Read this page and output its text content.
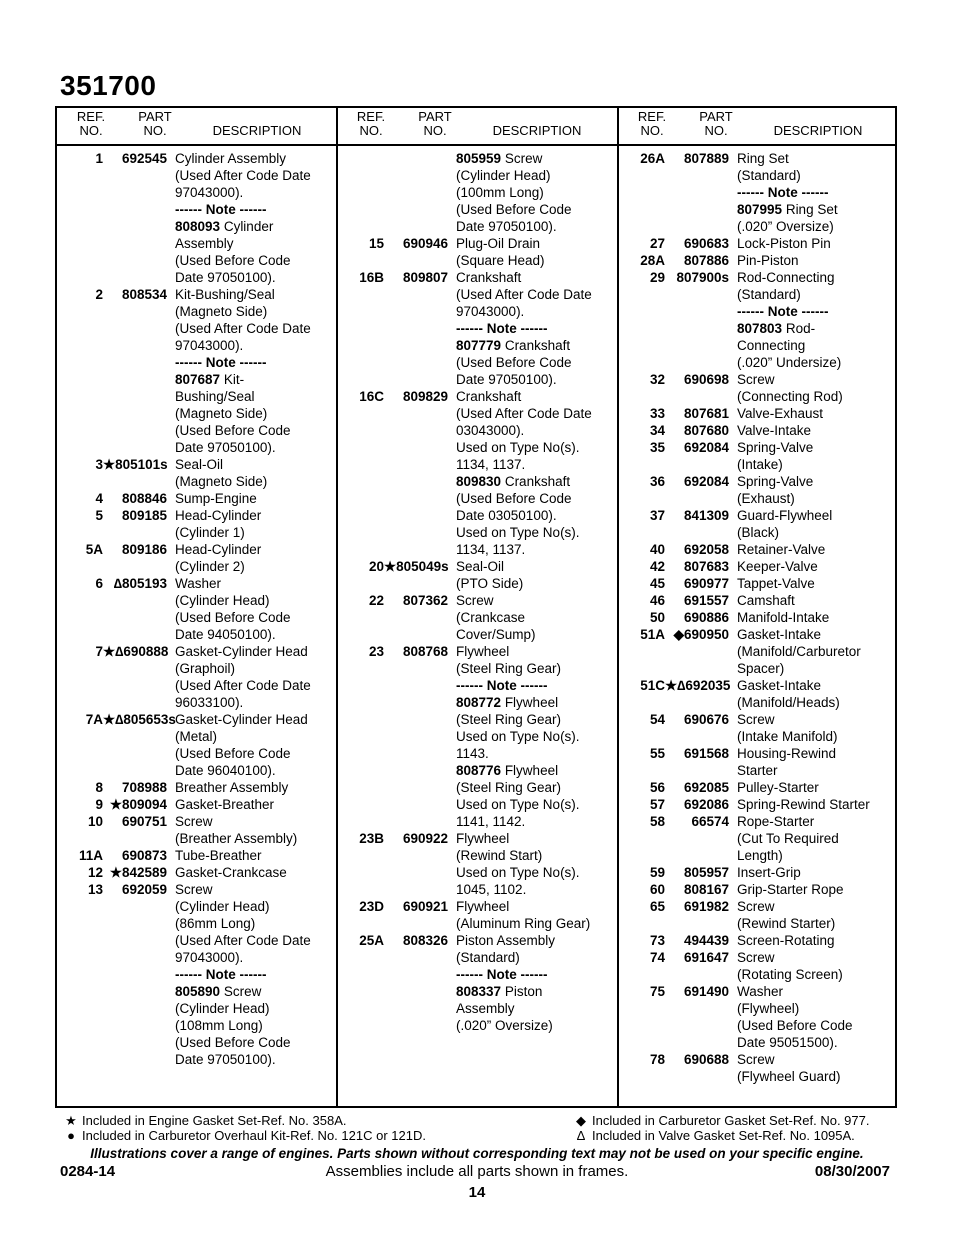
351700
REF.
NO.
PART
NO.	DESCRIPTION
REF.
NO.
PART
NO.	DESCRIPTION
REF.
NO.
PART
NO.	DESCRIPTION
1	692545 Cylinder Assembly
(Used After Code Date
97043000).
------ Note ------
808093 Cylinder
Assembly
(Used Before Code
Date 97050100).
2	808534 Kit-Bushing/Seal
(Magneto Side)
(Used After Code Date
97043000).
------ Note ------
807687 Kit-
Bushing/Seal
(Magneto Side)
(Used Before Code
Date 97050100).
3 ★805101s Seal-Oil
(Magneto Side)
4	808846 Sump-Engine
5	809185 Head-Cylinder
(Cylinder 1)
5A	809186 Head-Cylinder
(Cylinder 2)
6 ∆805193 Washer
(Cylinder Head)
(Used Before Code
Date 94050100).
7 ★∆690888 Gasket-Cylinder Head
(Graphoil)
(Used After Code Date
96033100).
7A ★∆805653s Gasket-Cylinder Head
(Metal)
(Used Before Code
Date 96040100).
8	708988 Breather Assembly
9 ★809094 Gasket-Breather
10	690751 Screw
(Breather Assembly)
11A	690873 Tube-Breather
12 ★842589 Gasket-Crankcase
13	692059 Screw
(Cylinder Head)
(86mm Long)
(Used After Code Date
97043000).
------ Note ------
805890 Screw
(Cylinder Head)
(108mm Long)
(Used Before Code
Date 97050100).
805959 Screw
(Cylinder Head)
(100mm Long)
(Used Before Code
Date 97050100).
15	690946 Plug-Oil Drain
(Square Head)
16B	809807 Crankshaft
(Used After Code Date
97043000).
------ Note ------
807779 Crankshaft
(Used Before Code
Date 97050100).
16C	809829 Crankshaft
(Used After Code Date
03043000).
Used on Type No(s).
1134, 1137.
809830 Crankshaft
(Used Before Code
Date 03050100).
Used on Type No(s).
1134, 1137.
20 ★805049s Seal-Oil
(PTO Side)
22	807362 Screw
(Crankcase
Cover/Sump)
23	808768 Flywheel
(Steel Ring Gear)
------ Note ------
808772 Flywheel
(Steel Ring Gear)
Used on Type No(s).
1143.
808776 Flywheel
(Steel Ring Gear)
Used on Type No(s).
1141, 1142.
23B	690922 Flywheel
(Rewind Start)
Used on Type No(s).
1045, 1102.
23D	690921 Flywheel
(Aluminum Ring Gear)
25A	808326 Piston Assembly
(Standard)
------ Note ------
808337 Piston
Assembly
(.020” Oversize)
26A	807889 Ring Set
(Standard)
------ Note ------
807995 Ring Set
(.020” Oversize)
27	690683 Lock-Piston Pin
28A	807886 Pin-Piston
29 807900s Rod-Connecting
(Standard)
------ Note ------
807803 Rod-
Connecting
(.020” Undersize)
32	690698 Screw
(Connecting Rod)
33	807681 Valve-Exhaust
34	807680 Valve-Intake
35	692084 Spring-Valve
(Intake)
36	692084 Spring-Valve
(Exhaust)
37	841309 Guard-Flywheel
(Black)
40	692058 Retainer-Valve
42	807683 Keeper-Valve
45	690977 Tappet-Valve
46	691557 Camshaft
50	690886 Manifold-Intake
51A ◆690950 Gasket-Intake
(Manifold/Carburetor
Spacer)
51C ★∆692035 Gasket-Intake
(Manifold/Heads)
54	690676 Screw
(Intake Manifold)
55	691568 Housing-Rewind
Starter
56	692085 Pulley-Starter
57	692086 Spring-Rewind Starter
58	66574 Rope-Starter
(Cut To Required
Length)
59	805957 Insert-Grip
60	808167 Grip-Starter Rope
65	691982 Screw
(Rewind Starter)
73	494439 Screen-Rotating
74	691647 Screw
(Rotating Screen)
75	691490 Washer
(Flywheel)
(Used Before Code
Date 95051500).
78	690688 Screw
(Flywheel Guard)
★ Included in Engine Gasket Set-Ref. No. 358A.
● Included in Carburetor Overhaul Kit-Ref. No. 121C or 121D.
◆ Included in Carburetor Gasket Set-Ref. No. 977.
∆ Included in Valve Gasket Set-Ref. No. 1095A.
Illustrations cover a range of engines. Parts shown without corresponding text may not be used on your specific engine.
Assemblies include all parts shown in frames.
0284-14	08/30/2007
14
